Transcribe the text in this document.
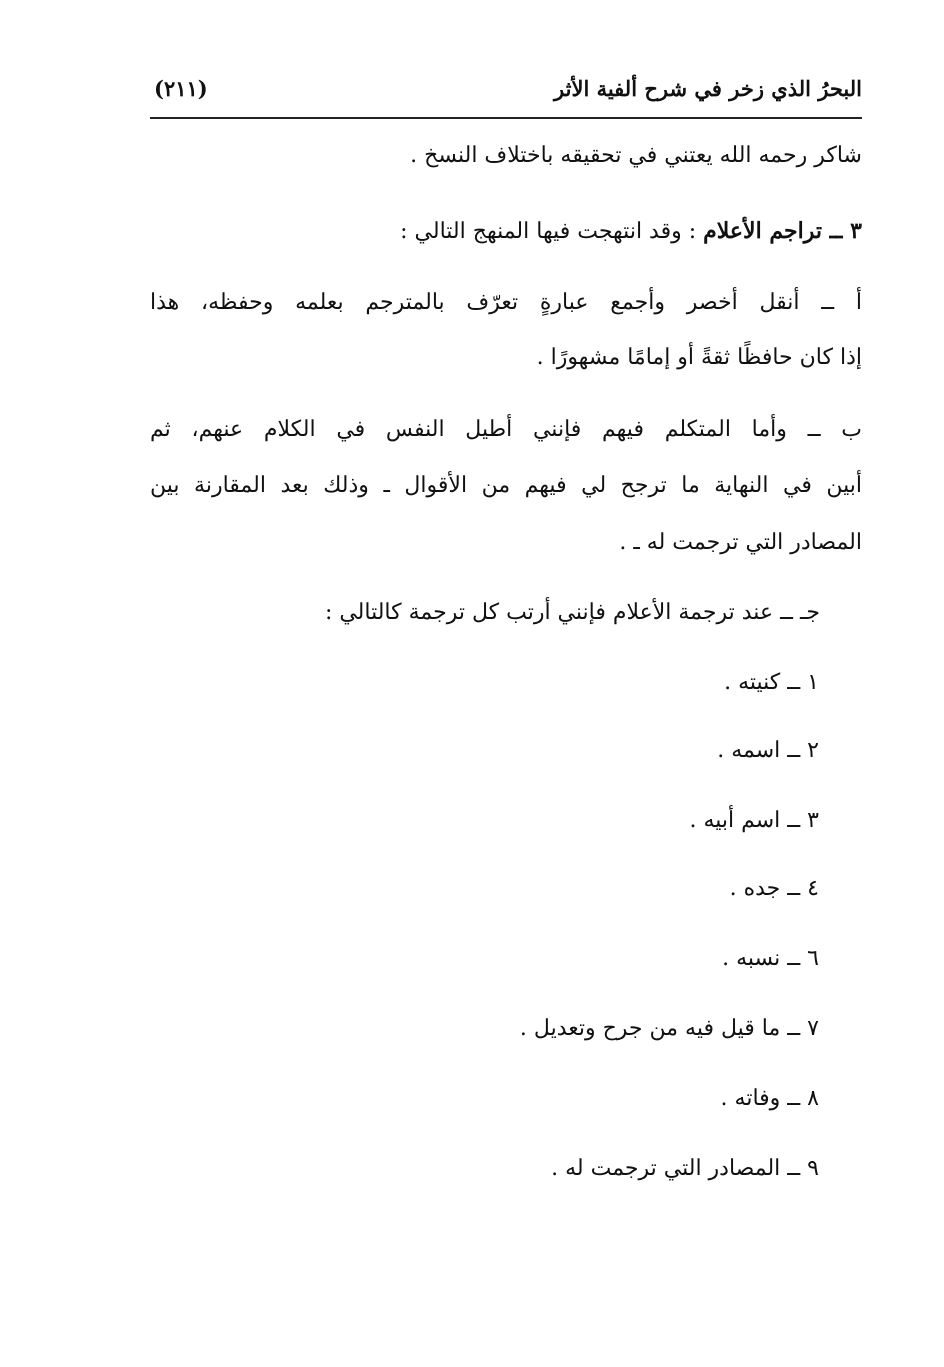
البحرُ الذي زخر في شرح ألفية الأثر
(٢١١)
شاكر رحمه الله يعتني في تحقيقه باختلاف النسخ .
٣ ــ تراجم الأعلام : وقد انتهجت فيها المنهج التالي :
أ ــ أنقل أخصر وأجمع عبارةٍ تعرّف بالمترجم بعلمه وحفظه، هذا
إذا كان حافظًا ثقةً أو إمامًا مشهورًا .
ب ــ وأما المتكلم فيهم فإنني أطيل النفس في الكلام عنهم، ثم
أبين في النهاية ما ترجح لي فيهم من الأقوال ـ وذلك بعد المقارنة بين
المصادر التي ترجمت له ـ .
جـ ــ عند ترجمة الأعلام فإنني أرتب كل ترجمة كالتالي :
١ ــ كنيته .
٢ ــ اسمه .
٣ ــ اسم أبيه .
٤ ــ جده .
٦ ــ نسبه .
٧ ــ ما قيل فيه من جرح وتعديل .
٨ ــ وفاته .
٩ ــ المصادر التي ترجمت له .
